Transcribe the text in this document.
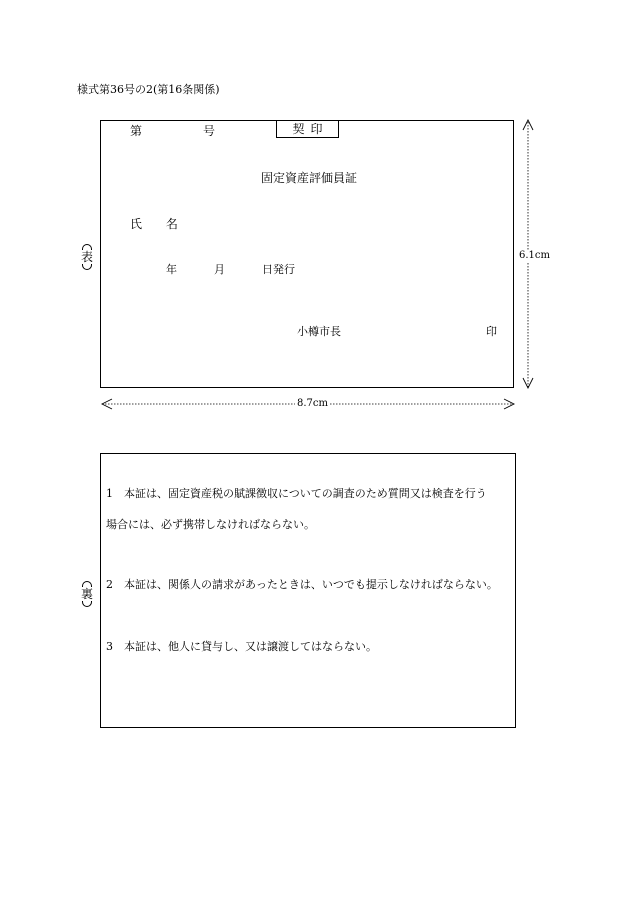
様式第36号の2(第16条関係)
第	号	契印
固定資産評価員証
氏 名
年	月	日発行
小樽市長	印
表	6.1cm
8.7cm
裏
1 本証は、固定資産税の賦課徴収についての調査のため質問又は検査を行う
場合には、必ず携帯しなければならない。
2 本証は、関係人の請求があったときは、いつでも提示しなければならない。
3 本証は、他人に貸与し、又は譲渡してはならない。
